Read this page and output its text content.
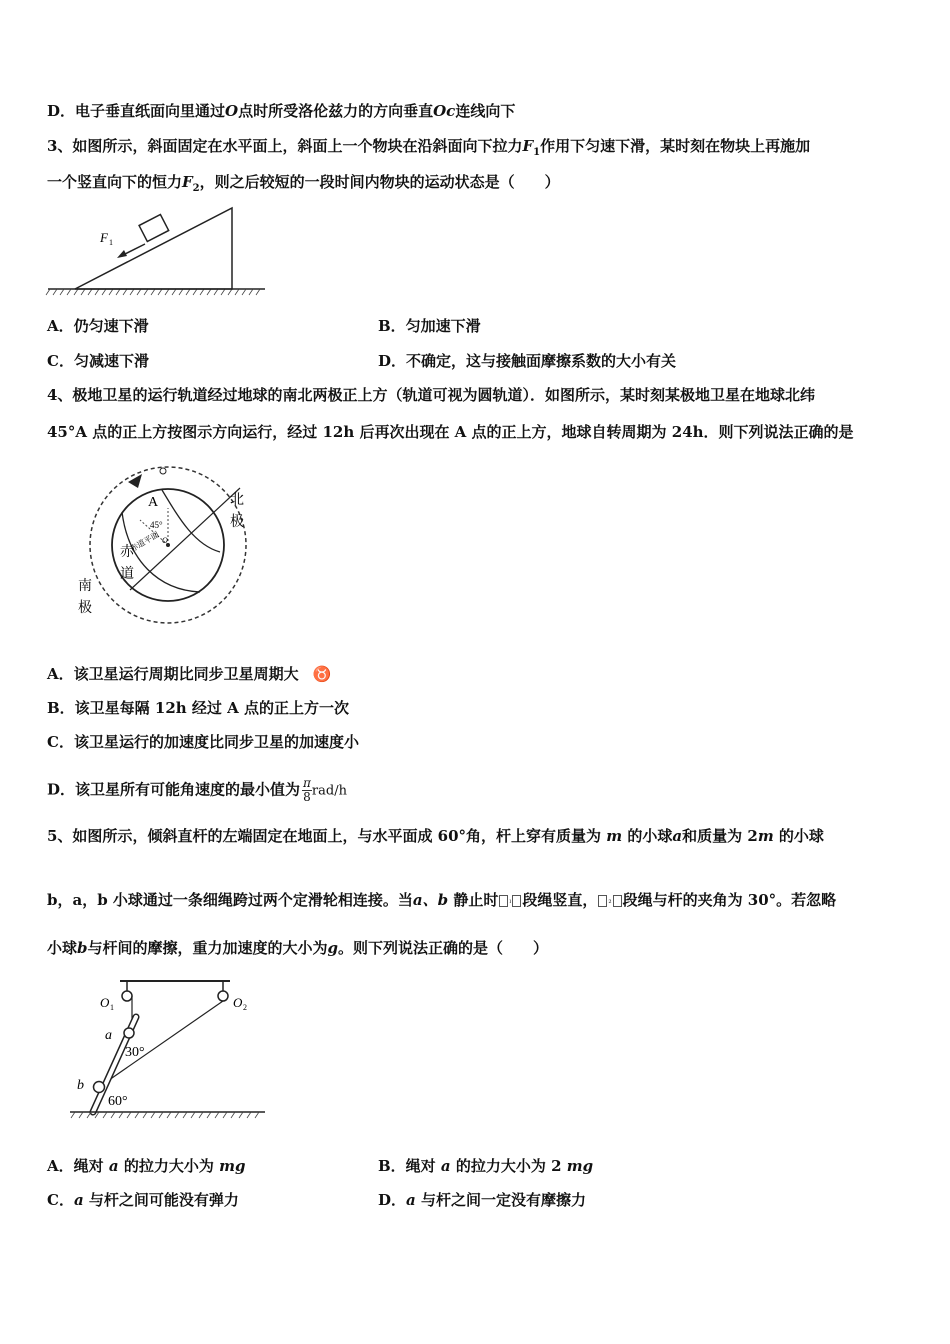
D．电子垂直纸面向里通过O点时所受洛伦兹力的方向垂直Oc连线向下
3、如图所示，斜面固定在水平面上，斜面上一个物块在沿斜面向下拉力$F_1$作用下匀速下滑，某时刻在物块上再施加
一个竖直向下的恒力$F_2$，则之后较短的一段时间内物块的运动状态是（　　）
F 1
A．仍匀速下滑	B．匀加速下滑
C．匀减速下滑	D．不确定，这与接触面摩擦系数的大小有关
4、极地卫星的运行轨道经过地球的南北两极正上方（轨道可视为圆轨道）．如图所示，某时刻某极地卫星在地球北纬
45°A 点的正上方按图示方向运行，经过 12h 后再次出现在 A 点的正上方，地球自转周期为 24h．则下列说法正确的是
A
45°
O
赤道平面
北
极
赤
道
南
极
A．该卫星运行周期比同步卫星周期大 ♉
B．该卫星每隔 12h 经过 A 点的正上方一次
C．该卫星运行的加速度比同步卫星的加速度小
D．该卫星所有可能角速度的最小值为 $\frac{\pi}{8} rad/h$
5、如图所示，倾斜直杆的左端固定在地面上，与水平面成 60°角，杆上穿有质量为 m 的小球a和质量为 2m 的小球
b，a，b 小球通过一条细绳跨过两个定滑轮相连接。当a、b 静止时 ₗ 段绳竖直， ₂ 段绳与杆的夹角为 30°。若忽略
小球b与杆间的摩擦，重力加速度的大小为g。则下列说法正确的是（　　）
O 1	O 2
a
30°
b
60°
A．绳对 a 的拉力大小为 mg	B．绳对 a 的拉力大小为 2 mg
C．a 与杆之间可能没有弹力	D．a 与杆之间一定没有摩擦力
